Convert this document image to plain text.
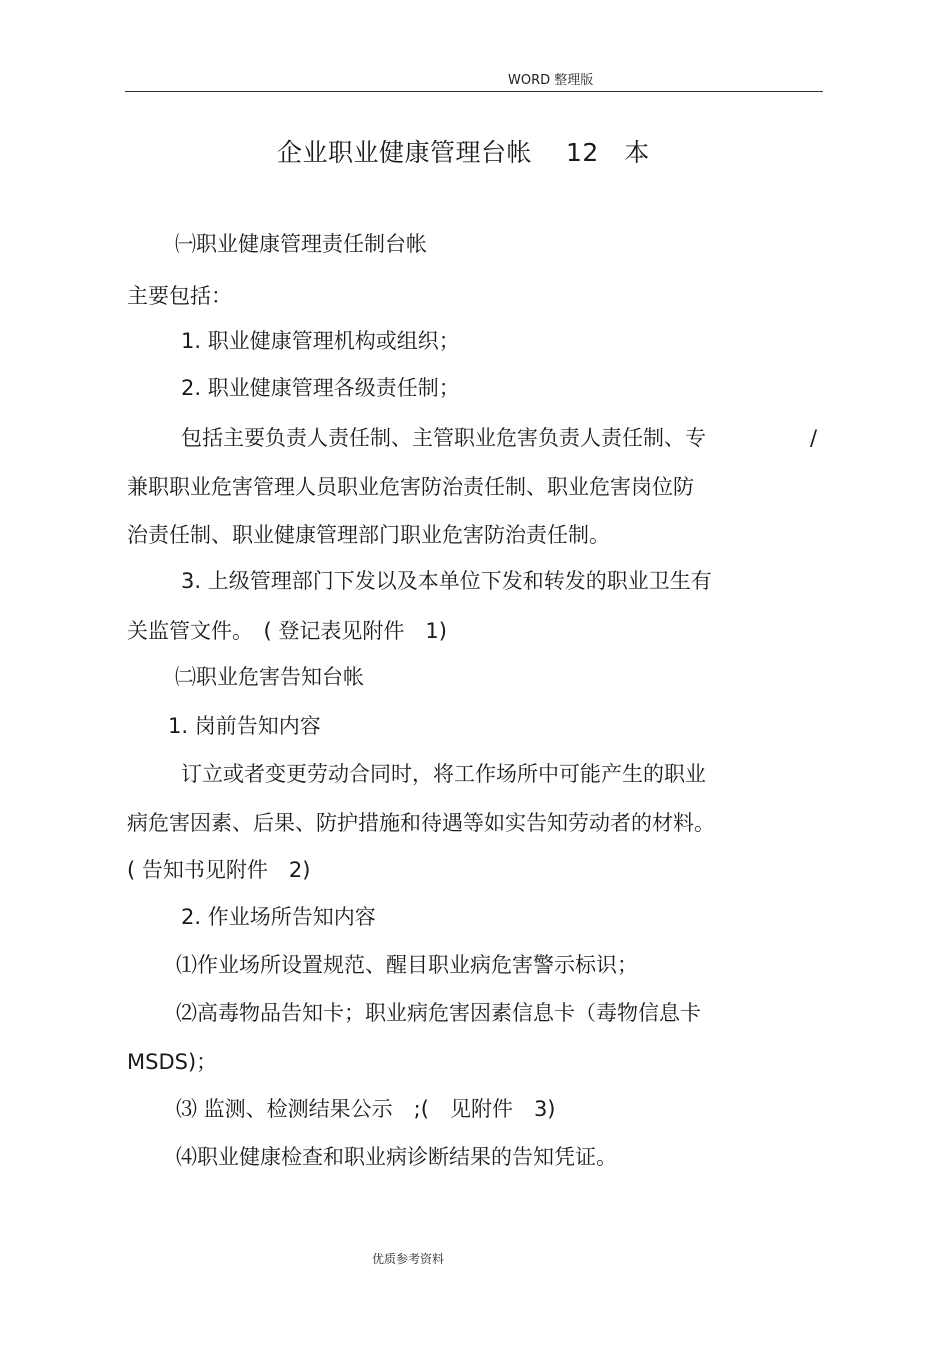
WORD 整理版
企业职业健康管理台帐 　12　本
㈠职业健康管理责任制台帐
主要包括：
1. 职业健康管理机构或组织；
2. 职业健康管理各级责任制；
包括主要负责人责任制、主管职业危害负责人责任制、专	/
兼职职业危害管理人员职业危害防治责任制、职业危害岗位防
治责任制、职业健康管理部门职业危害防治责任制。
3. 上级管理部门下发以及本单位下发和转发的职业卫生有
关监管文件。　( 登记表见附件　1)
㈡职业危害告知台帐
1. 岗前告知内容
订立或者变更劳动合同时，将工作场所中可能产生的职业
病危害因素、后果、防护措施和待遇等如实告知劳动者的材料。
( 告知书见附件　2)
2. 作业场所告知内容
⑴作业场所设置规范、醒目职业病危害警示标识；
⑵高毒物品告知卡；职业病危害因素信息卡（毒物信息卡
MSDS)；
⑶ 监测、检测结果公示　;(　见附件　3)
⑷职业健康检查和职业病诊断结果的告知凭证。
优质参考资料
